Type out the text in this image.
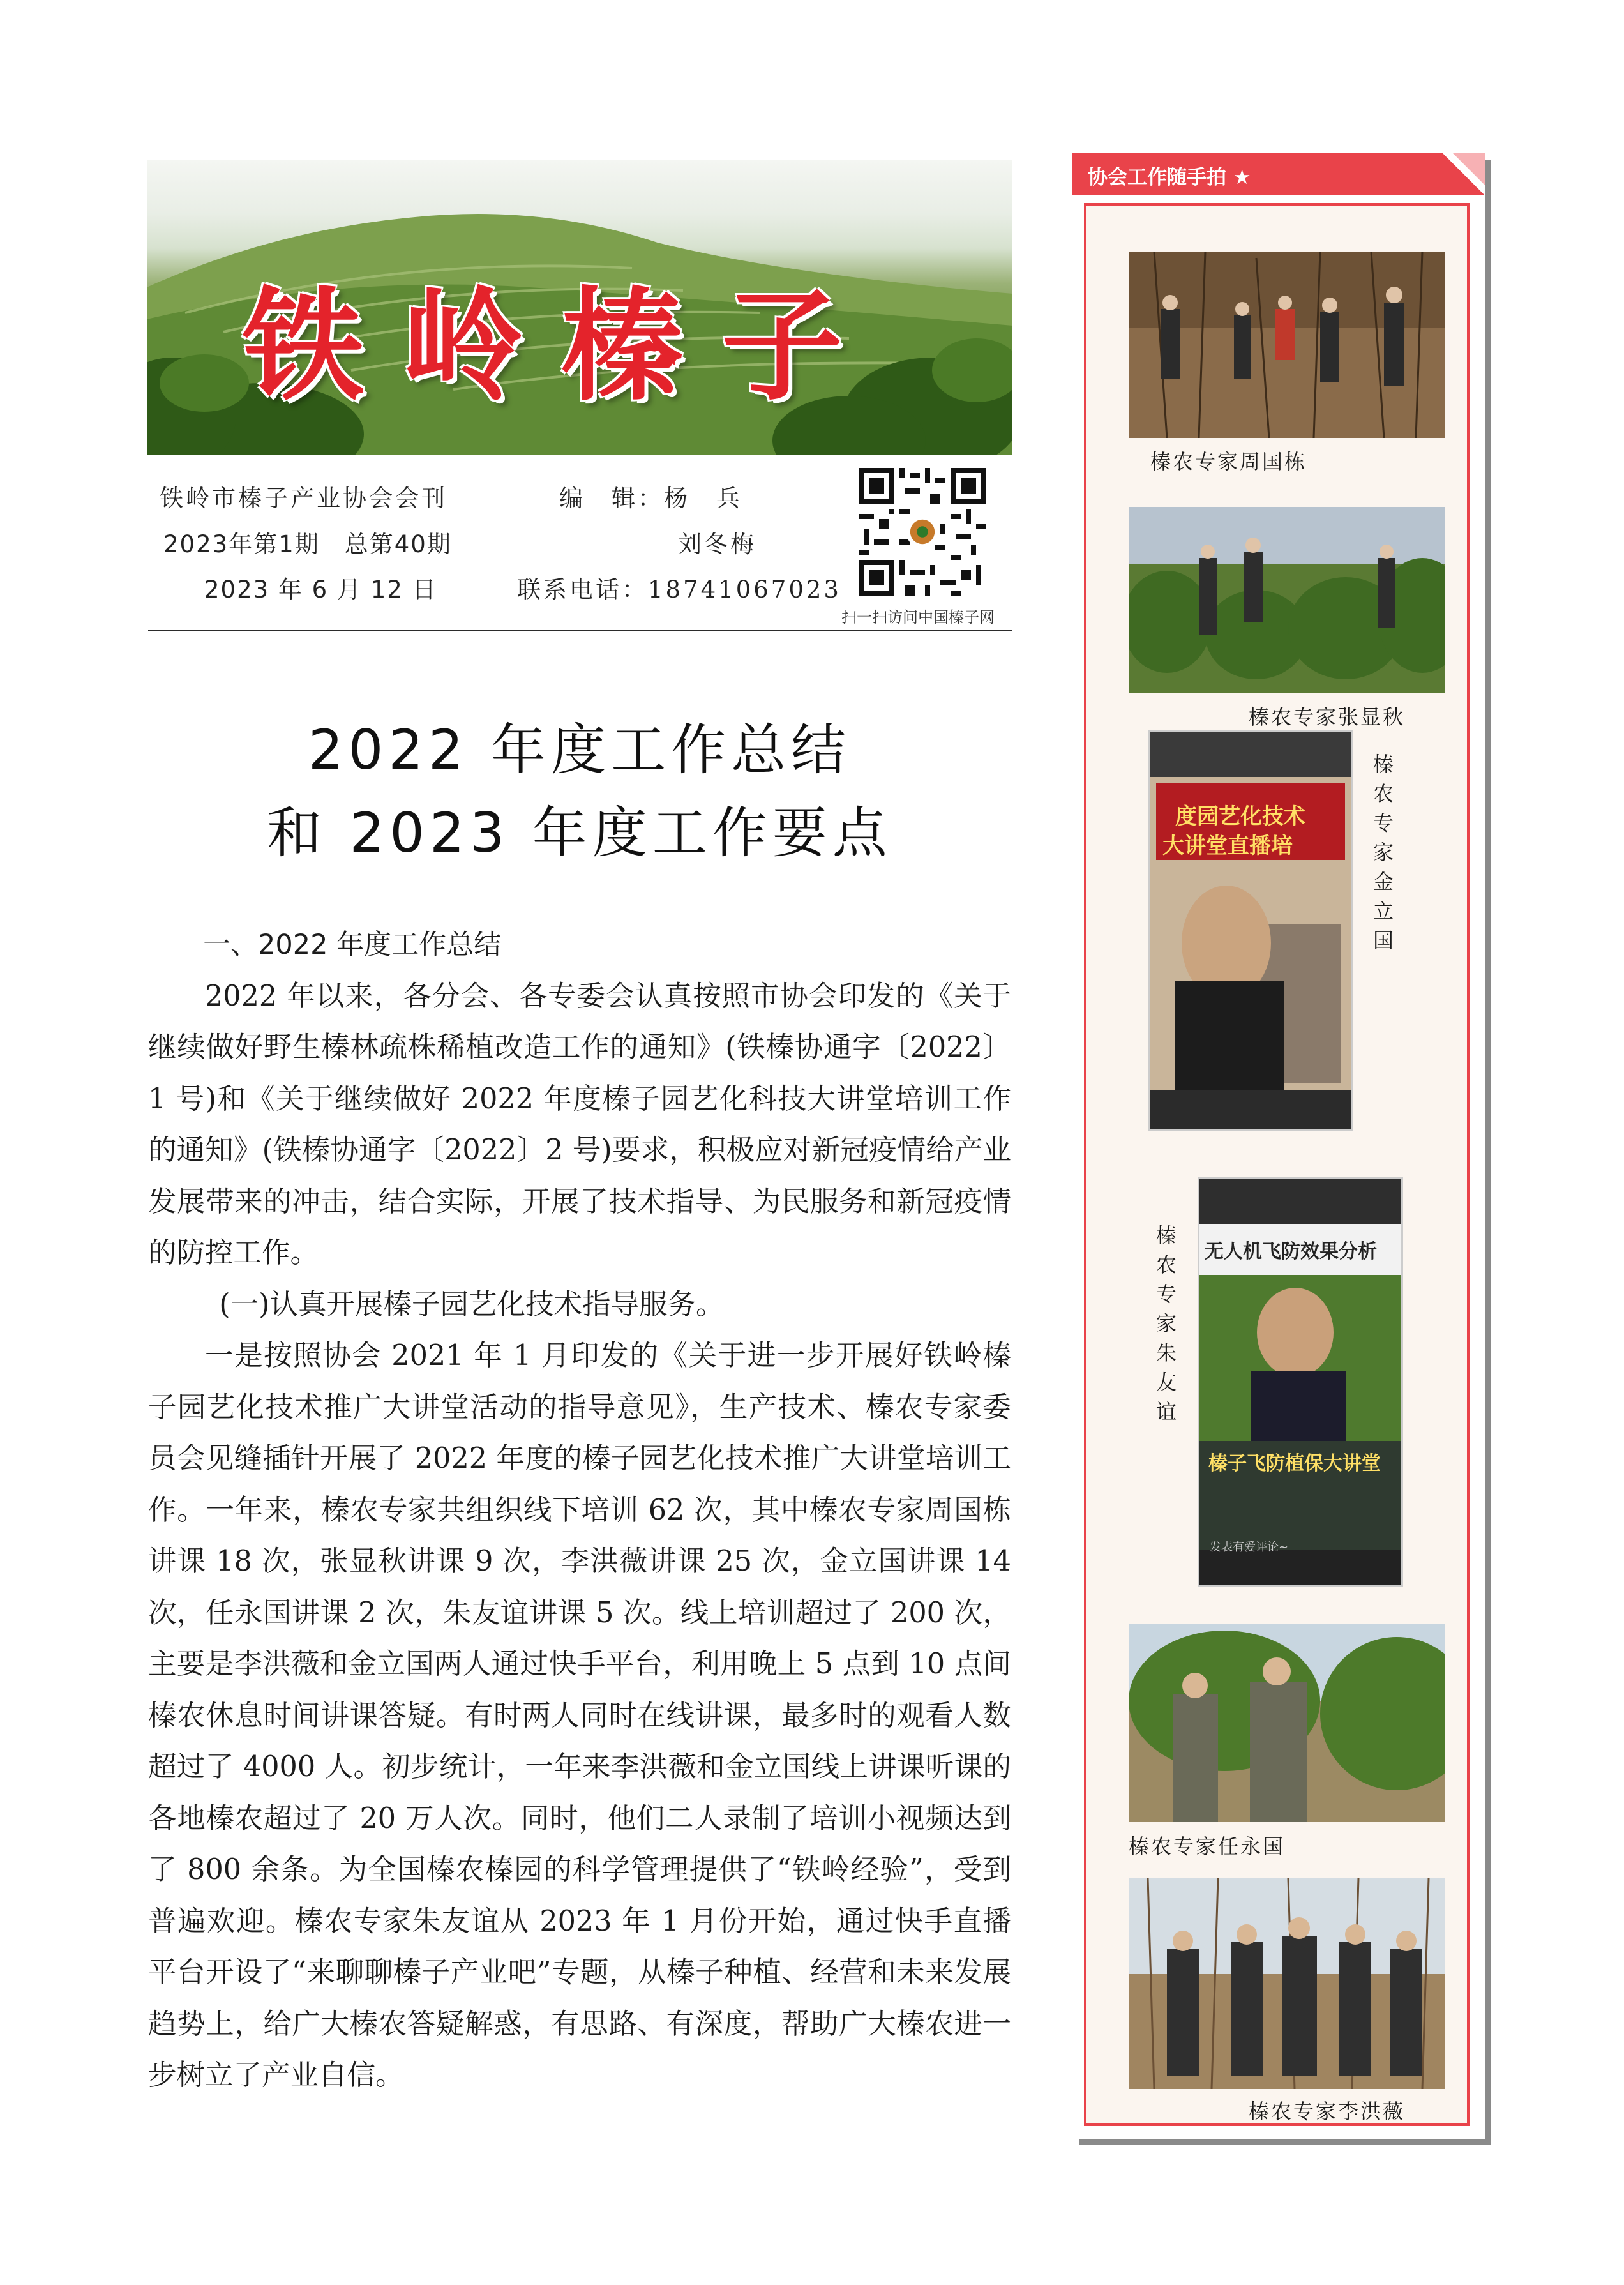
铁岭榛子
铁岭市榛子产业协会会刊
2023年第1期　总第40期
2023 年 6 月 12 日
编　辑：杨　兵
刘冬梅
联系电话：18741067023
扫一扫访问中国榛子网
2022 年度工作总结
和 2023 年度工作要点

一、2022 年度工作总结

2022 年以来，各分会、各专委会认真按照市协会印发的《关于继续做好野生榛林疏株稀植改造工作的通知》(铁榛协通字〔2022〕1 号)和《关于继续做好 2022 年度榛子园艺化科技大讲堂培训工作的通知》(铁榛协通字〔2022〕2 号)要求，积极应对新冠疫情给产业发展带来的冲击，结合实际，开展了技术指导、为民服务和新冠疫情的防控工作。

(一)认真开展榛子园艺化技术指导服务。

一是按照协会 2021 年 1 月印发的《关于进一步开展好铁岭榛子园艺化技术推广大讲堂活动的指导意见》，生产技术、榛农专家委员会见缝插针开展了 2022 年度的榛子园艺化技术推广大讲堂培训工作。一年来，榛农专家共组织线下培训 62 次，其中榛农专家周国栋讲课 18 次，张显秋讲课 9 次，李洪薇讲课 25 次，金立国讲课 14 次，任永国讲课 2 次，朱友谊讲课 5 次。线上培训超过了 200 次，主要是李洪薇和金立国两人通过快手平台，利用晚上 5 点到 10 点间榛农休息时间讲课答疑。有时两人同时在线讲课，最多时的观看人数超过了 4000 人。初步统计，一年来李洪薇和金立国线上讲课听课的各地榛农超过了 20 万人次。同时，他们二人录制了培训小视频达到了 800 余条。为全国榛农榛园的科学管理提供了“铁岭经验”，受到普遍欢迎。榛农专家朱友谊从 2023 年 1 月份开始，通过快手直播平台开设了“来聊聊榛子产业吧”专题，从榛子种植、经营和未来发展趋势上，给广大榛农答疑解惑，有思路、有深度，帮助广大榛农进一步树立了产业自信。

协会工作随手拍 ★
榛农专家周国栋
榛农专家张显秋
度园艺化技术
大讲堂直播培
榛农专家金立国
无人机飞防效果分析
榛子飞防植保大讲堂
发表有爱评论~
榛农专家朱友谊
榛农专家任永国
榛农专家李洪薇
